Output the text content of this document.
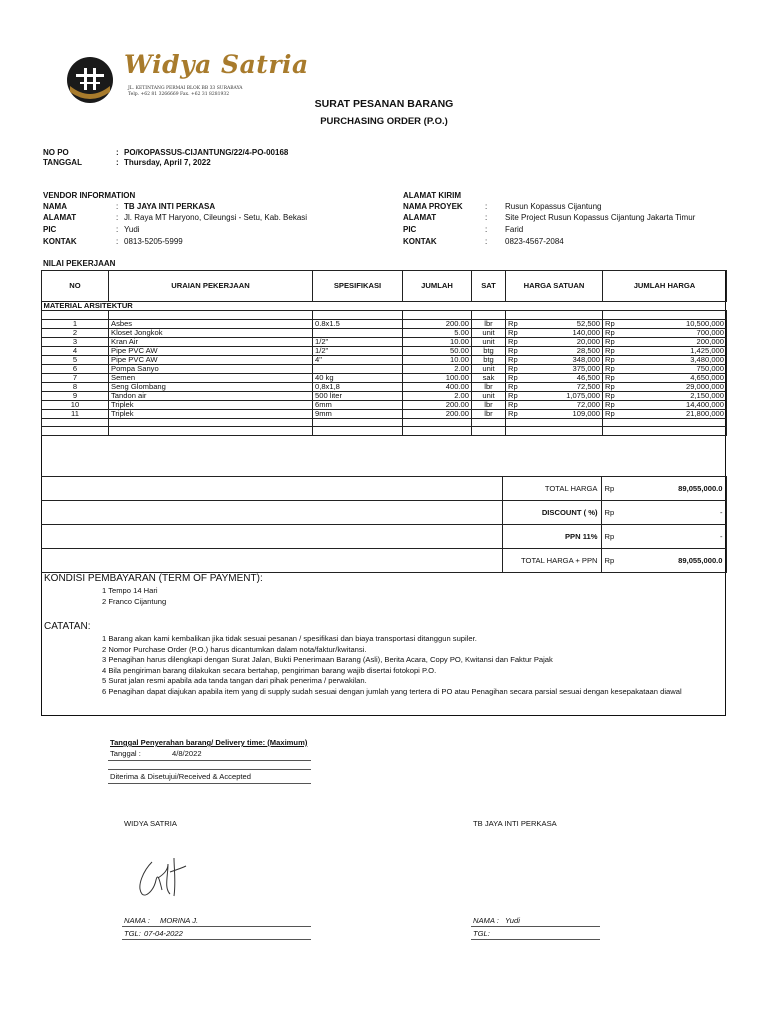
Widya Satria
JL. KETINTANG PERMAI BLOK BB 33 SURABAYA
Telp. +62 81 3266669 Fax. +62 31 8281932
SURAT PESANAN BARANG
PURCHASING ORDER (P.O.)
NO PO	: PO/KOPASSUS-CIJANTUNG/22/4-PO-00168
TANGGAL	: Thursday, April 7, 2022
VENDOR INFORMATION
NAMA	: TB JAYA INTI PERKASA
ALAMAT	: Jl. Raya MT Haryono, Cileungsi - Setu, Kab. Bekasi
PIC	: Yudi
KONTAK	: 0813-5205-5999
ALAMAT KIRIM
NAMA PROYEK	: Rusun Kopassus Cijantung
ALAMAT	: Site Project Rusun Kopassus Cijantung Jakarta Timur
PIC	: Farid
KONTAK	: 0823-4567-2084
NILAI PEKERJAAN
NO	URAIAN PEKERJAAN	SPESIFIKASI	JUMLAH	SAT	HARGA SATUAN	JUMLAH HARGA
MATERIAL ARSITEKTUR						

1	Asbes	0.8x1.5	200.00	lbr	Rp 52,500	Rp 10,500,000

2	Kloset Jongkok		5.00	unit	Rp 140,000	Rp 700,000

3	Kran Air	1/2"	10.00	unit	Rp 20,000	Rp 200,000

4	Pipe PVC AW	1/2"	50.00	btg	Rp 28,500	Rp 1,425,000

5	Pipe PVC AW	4"	10.00	btg	Rp 348,000	Rp 3,480,000

6	Pompa Sanyo		2.00	unit	Rp 375,000	Rp 750,000

7	Semen	40 kg	100.00	sak	Rp 46,500	Rp 4,650,000

8	Seng Glombang	0,8x1,8	400.00	lbr	Rp 72,500	Rp 29,000,000

9	Tandon air	500 liter	2.00	unit	Rp 1,075,000	Rp 2,150,000

10	Triplek	6mm	200.00	lbr	Rp 72,000	Rp 14,400,000

11	Triplek	9mm	200.00	lbr	Rp 109,000	Rp 21,800,000

	TOTAL HARGA	Rp 89,055,000.0

	DISCOUNT ( %)	Rp -

	PPN 11%	Rp -

	TOTAL HARGA + PPN	Rp 89,055,000.0
KONDISI PEMBAYARAN (TERM OF PAYMENT):
1 Tempo 14 Hari
2 Franco Cijantung
CATATAN:
1 Barang akan kami kembalikan jika tidak sesuai pesanan / spesifikasi dan biaya transportasi ditanggun supiler.
2 Nomor Purchase Order (P.O.) harus dicantumkan dalam nota/faktur/kwitansi.
3 Penagihan harus dilengkapi dengan Surat Jalan, Bukti Penerimaan Barang (Asli), Berita Acara, Copy PO, Kwitansi dan Faktur Pajak
4 Bila pengiriman barang dilakukan secara bertahap, pengiriman barang wajib disertai fotokopi P.O.
5 Surat jalan resmi apabila ada tanda tangan dari pihak penerima / perwakilan.
6 Penagihan dapat diajukan apabila item yang di supply sudah sesuai dengan jumlah yang tertera di PO atau Penagihan secara parsial sesuai dengan kesepakataan diawal
Tanggal Penyerahan barang/ Delivery time: (Maximum)
Tanggal :	4/8/2022
Diterima & Disetujui/Received & Accepted
WIDYA SATRIA	TB JAYA INTI PERKASA
NAMA : MORINA J.
TGL: 07-04-2022
NAMA : Yudi
TGL:
